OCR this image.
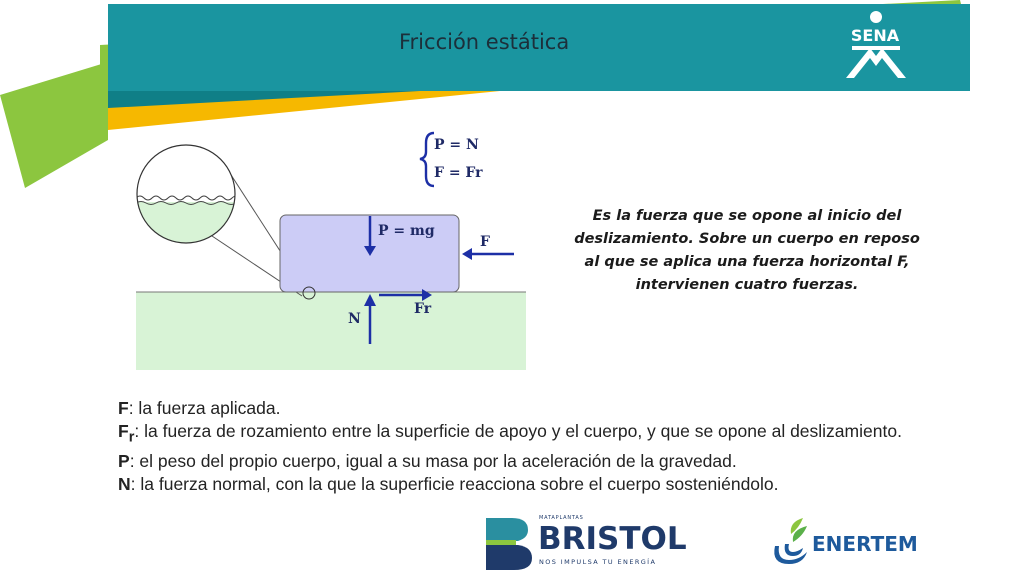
Fricción estática	SENA
P = N
F = Fr
P = mg
F
Fr
N
Es la fuerza que se opone al inicio del deslizamiento. Sobre un cuerpo en reposo al que se aplica una fuerza horizontal F, intervienen cuatro fuerzas.
F: la fuerza aplicada.
$F_r$: la fuerza de rozamiento entre la superficie de apoyo y el cuerpo, y que se opone al deslizamiento.
P: el peso del propio cuerpo, igual a su masa por la aceleración de la gravedad.
N: la fuerza normal, con la que la superficie reacciona sobre el cuerpo sosteniéndolo.
MATAPLANTAS
BRISTOL
NOS IMPULSA TU ENERGÍA
ENERTEM
